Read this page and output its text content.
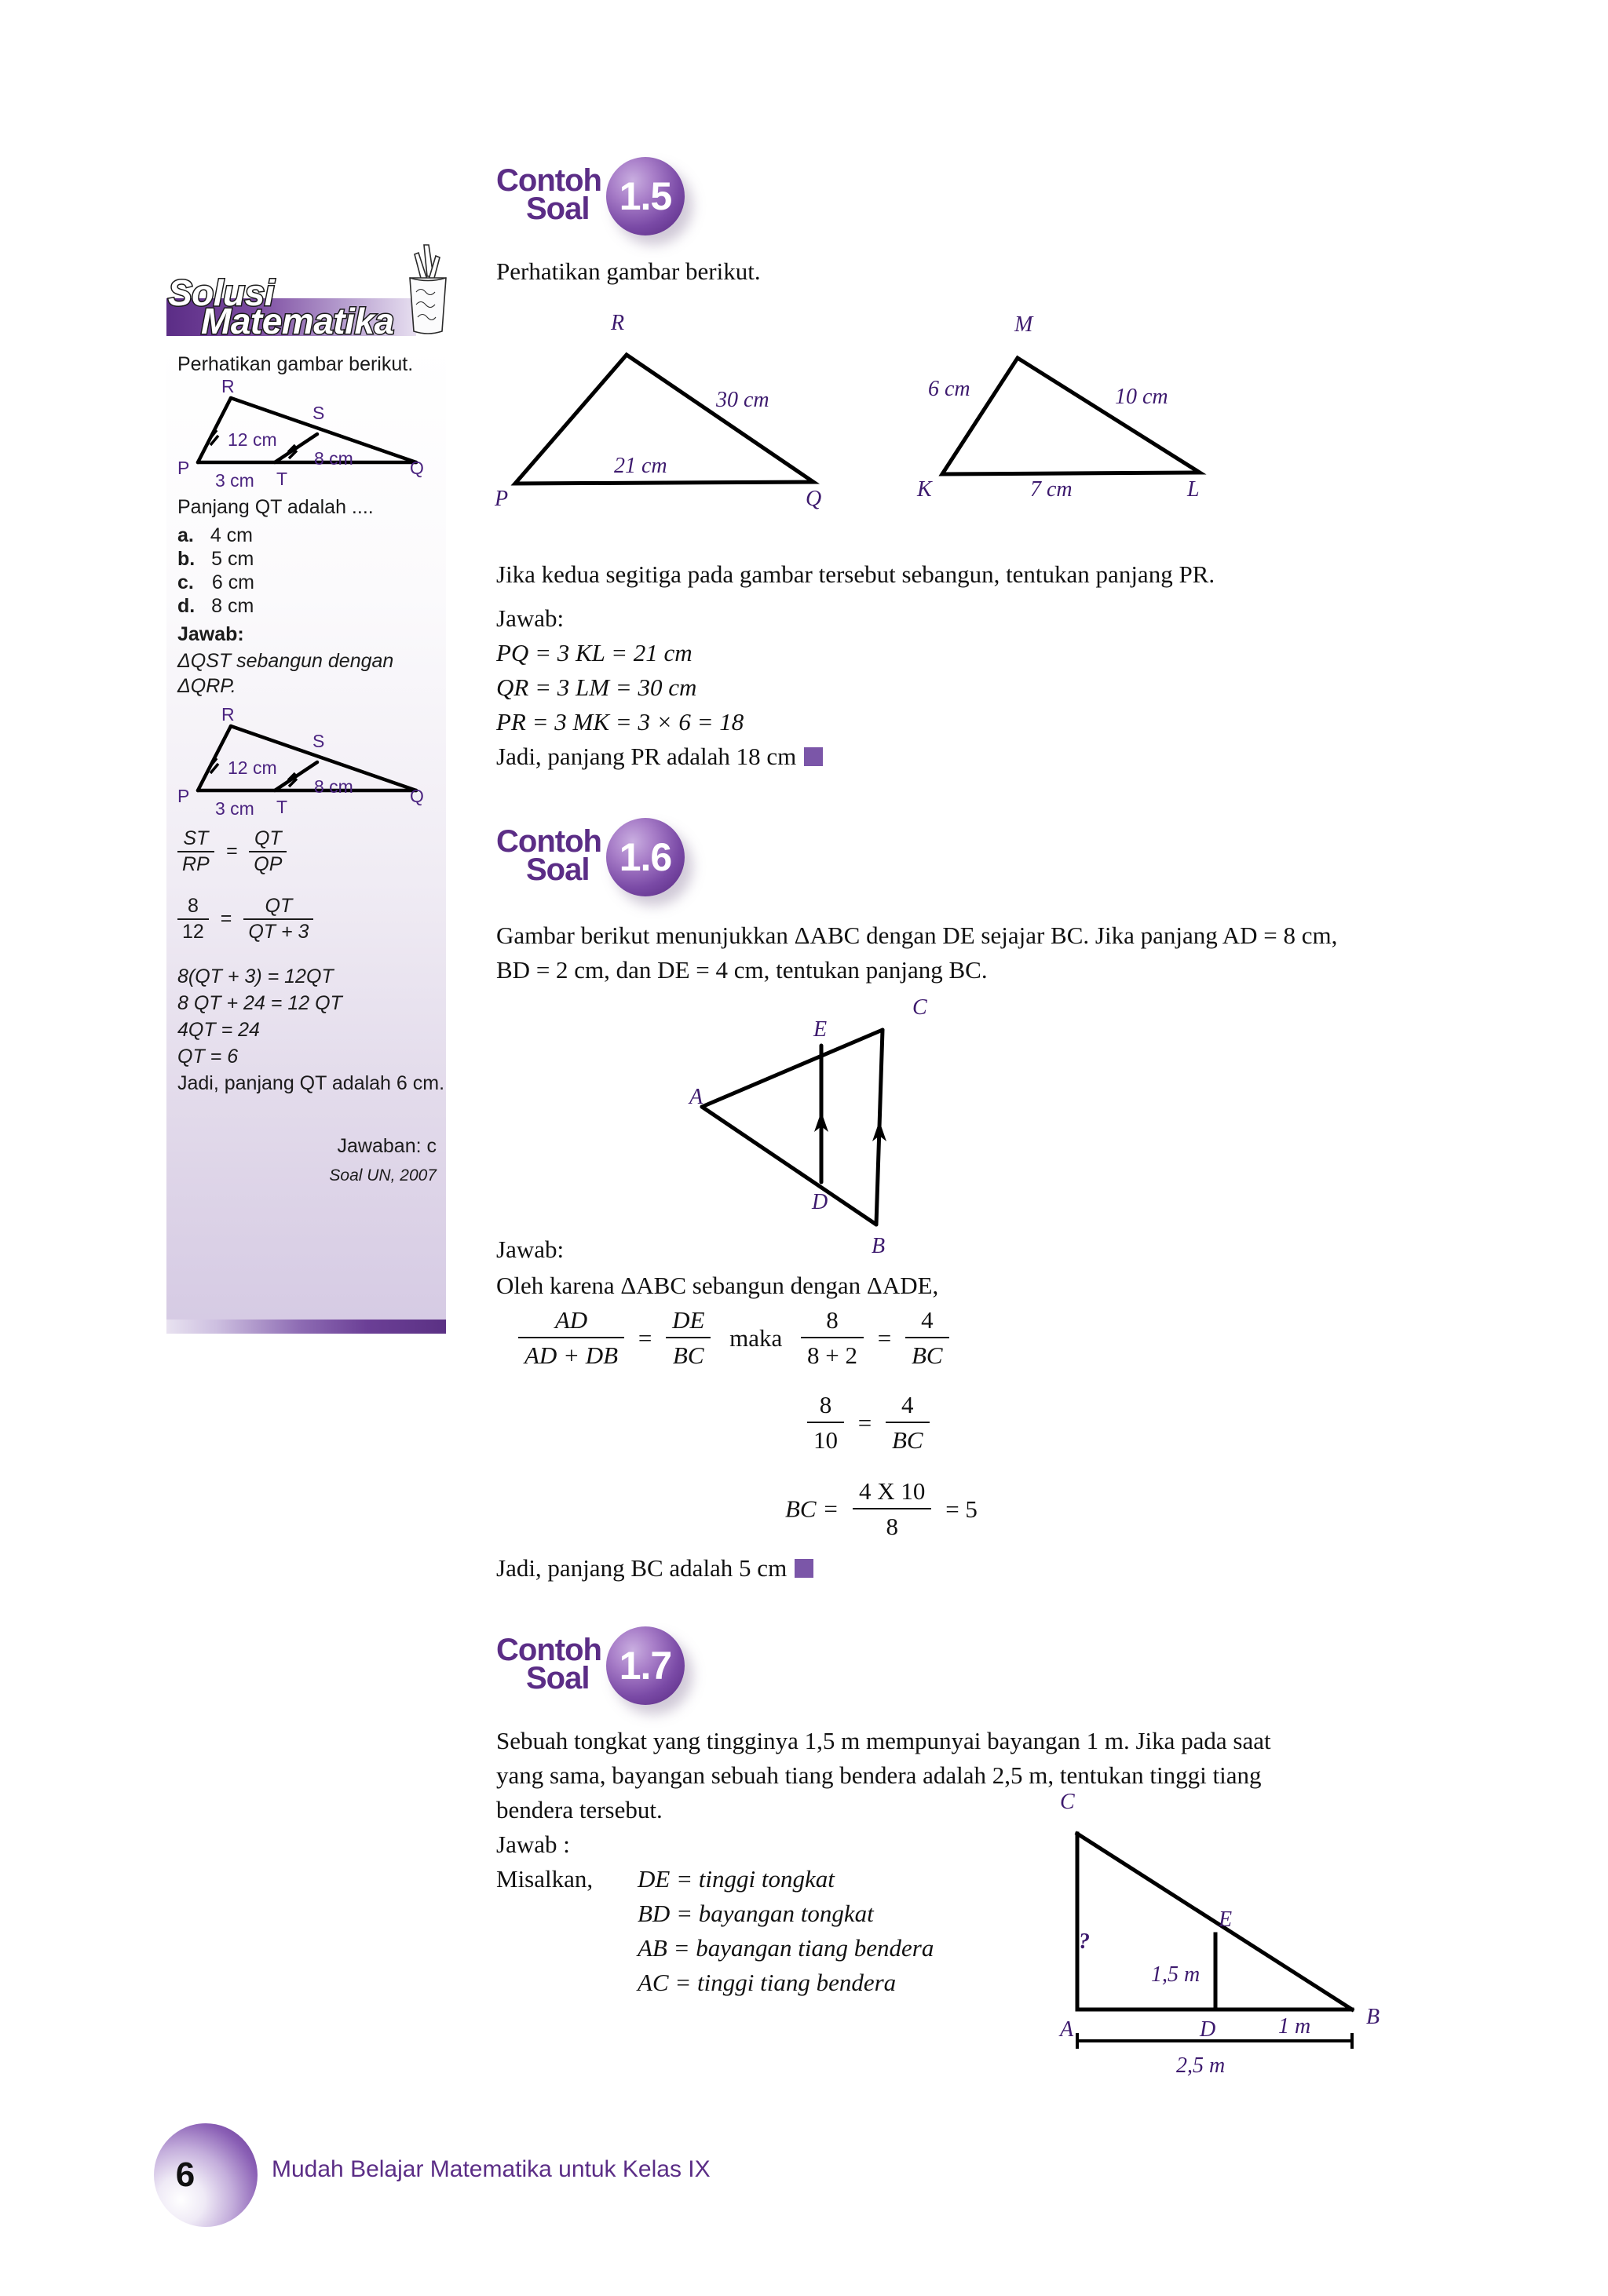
Solusi
Matematika
Perhatikan gambar berikut.
R
S
P
T
Q
12 cm
8 cm
3 cm
Panjang QT adalah ....
a. 4 cm
b. 5 cm
c. 6 cm
d. 8 cm
Jawab:
ΔQST sebangun dengan
ΔQRP.
R
S
P
T
Q
12 cm
8 cm
3 cm
$\frac{ST}{RP} = \frac{QT}{QP}$
$\frac{8}{12} = \frac{QT}{QT + 3}$
8(QT + 3) = 12QT
8 QT + 24 = 12 QT
4QT = 24
QT = 6
Jadi, panjang QT adalah 6 cm.
Jawaban: c
Soal UN, 2007
Contoh
Soal 1.5
Perhatikan gambar berikut.
R
P	Q
30 cm
21 cm
M
K	L
6 cm	10 cm
7 cm
Jika kedua segitiga pada gambar tersebut sebangun, tentukan panjang PR.
Jawab:
PQ = 3 KL = 21 cm
QR = 3 LM = 30 cm
PR = 3 MK = 3 × 6 = 18
Jadi, panjang PR adalah 18 cm
Contoh
Soal 1.6
Gambar berikut menunjukkan ΔABC dengan DE sejajar BC. Jika panjang AD = 8 cm,
BD = 2 cm, dan DE = 4 cm, tentukan panjang BC.
C
E
A
D
B
Jawab:
Oleh karena ΔABC sebangun dengan ΔADE,
$\frac{AD}{AD + DB} = \frac{DE}{BC}$ maka $\frac{8}{8 + 2} = \frac{4}{BC}$
$\frac{8}{10} = \frac{4}{BC}$
BC = $\frac{4 X 10}{8} = 5$
Jadi, panjang BC adalah 5 cm
Contoh
Soal 1.7
Sebuah tongkat yang tingginya 1,5 m mempunyai bayangan 1 m. Jika pada saat
yang sama, bayangan sebuah tiang bendera adalah 2,5 m, tentukan tinggi tiang
bendera tersebut.
Jawab :
Misalkan, DE = tinggi tongkat
BD = bayangan tongkat
AB = bayangan tiang bendera
AC = tinggi tiang bendera
C
E
A	D
B
?
1,5 m
1 m
2,5 m
6	Mudah Belajar Matematika untuk Kelas IX
